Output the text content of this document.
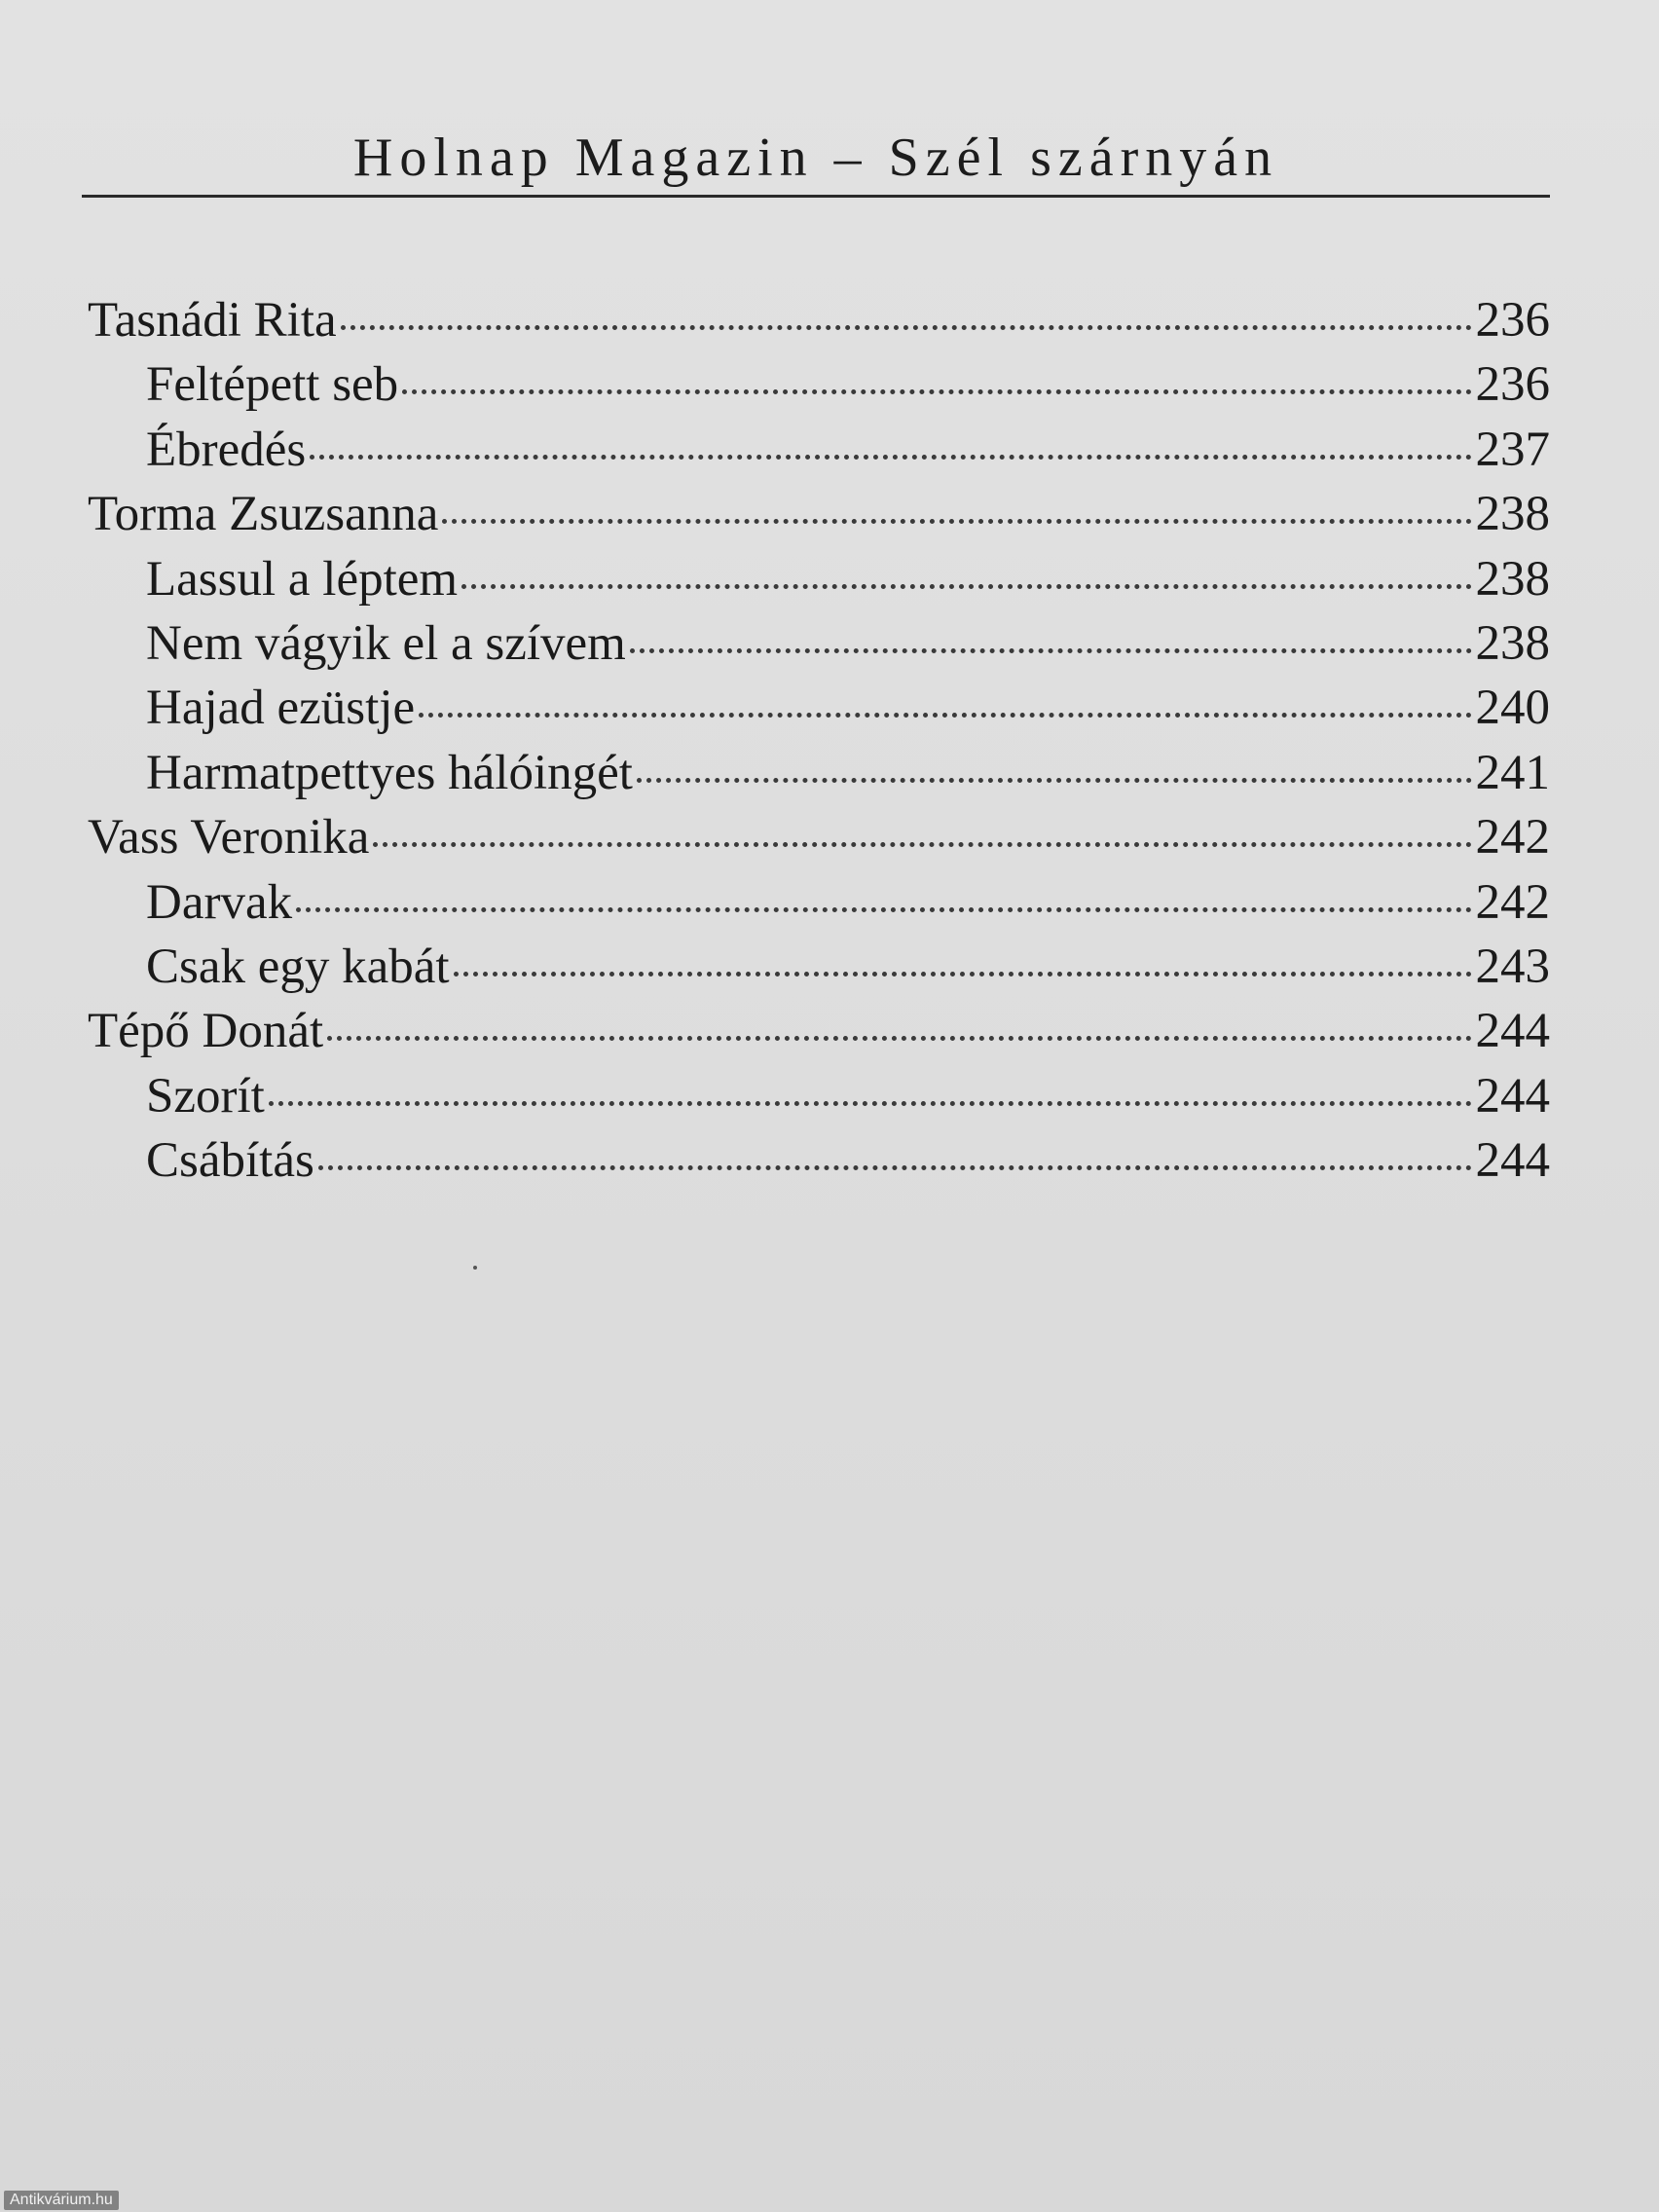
Holnap Magazin – Szél szárnyán
Tasnádi Rita	236
Feltépett seb	236
Ébredés	237
Torma Zsuzsanna	238
Lassul a léptem	238
Nem vágyik el a szívem	238
Hajad ezüstje	240
Harmatpettyes hálóingét	241
Vass Veronika	242
Darvak	242
Csak egy kabát	243
Tépő Donát	244
Szorít	244
Csábítás	244
Antikvárium.hu
